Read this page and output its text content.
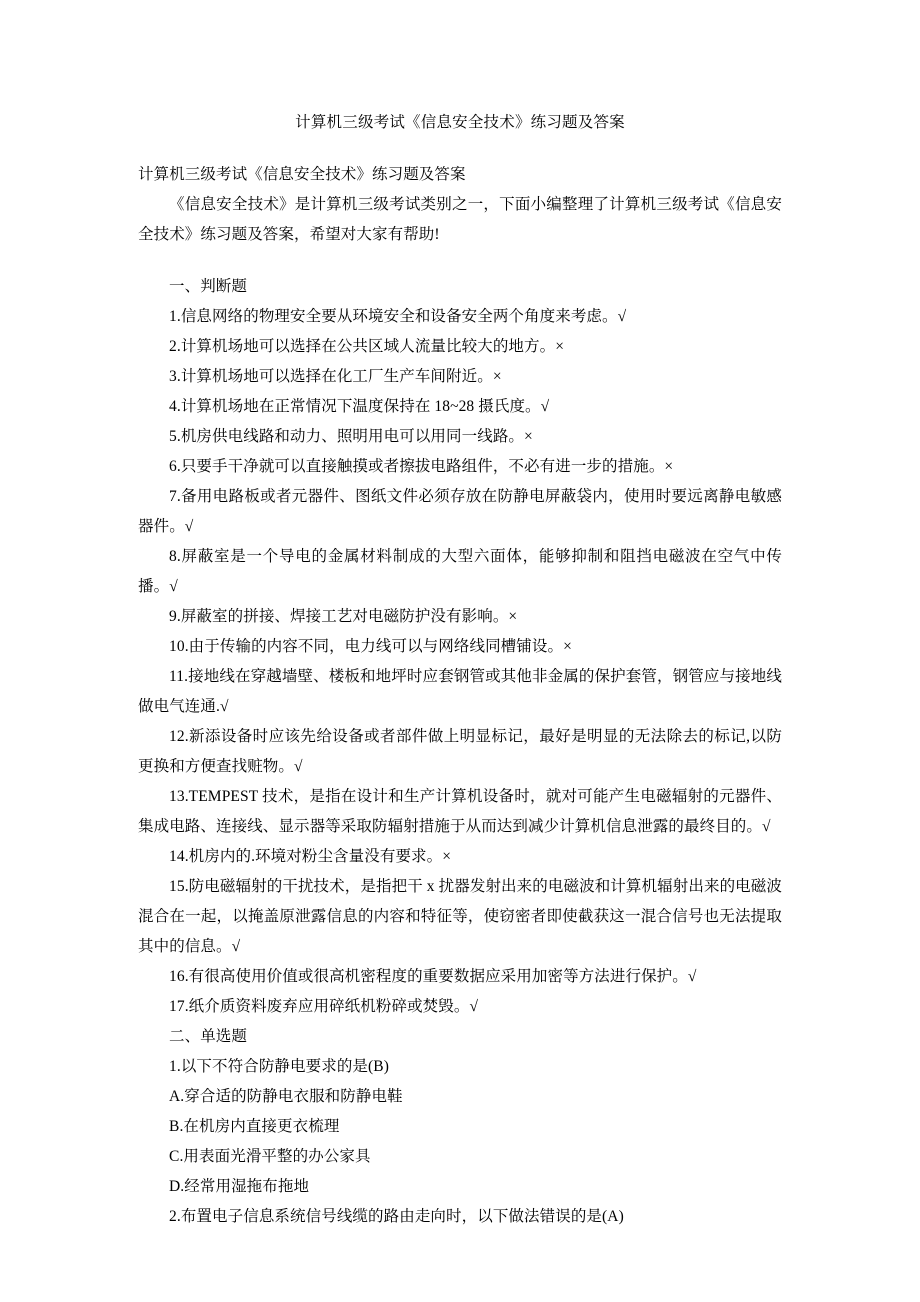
计算机三级考试《信息安全技术》练习题及答案

计算机三级考试《信息安全技术》练习题及答案

《信息安全技术》是计算机三级考试类别之一，下面小编整理了计算机三级考试《信息安全技术》练习题及答案，希望对大家有帮助!

一、判断题

1.信息网络的物理安全要从环境安全和设备安全两个角度来考虑。√

2.计算机场地可以选择在公共区域人流量比较大的地方。×

3.计算机场地可以选择在化工厂生产车间附近。×

4.计算机场地在正常情况下温度保持在 18~28 摄氏度。√

5.机房供电线路和动力、照明用电可以用同一线路。×

6.只要手干净就可以直接触摸或者擦拔电路组件，不必有进一步的措施。×

7.备用电路板或者元器件、图纸文件必须存放在防静电屏蔽袋内，使用时要远离静电敏感器件。√

8.屏蔽室是一个导电的金属材料制成的大型六面体，能够抑制和阻挡电磁波在空气中传播。√

9.屏蔽室的拼接、焊接工艺对电磁防护没有影响。×

10.由于传输的内容不同，电力线可以与网络线同槽铺设。×

11.接地线在穿越墙壁、楼板和地坪时应套钢管或其他非金属的保护套管，钢管应与接地线做电气连通.√

12.新添设备时应该先给设备或者部件做上明显标记，最好是明显的无法除去的标记,以防更换和方便查找赃物。√

13.TEMPEST 技术，是指在设计和生产计算机设备时，就对可能产生电磁辐射的元器件、集成电路、连接线、显示器等采取防辐射措施于从而达到减少计算机信息泄露的最终目的。√

14.机房内的.环境对粉尘含量没有要求。×

15.防电磁辐射的干扰技术，是指把干 x 扰器发射出来的电磁波和计算机辐射出来的电磁波混合在一起，以掩盖原泄露信息的内容和特征等，使窃密者即使截获这一混合信号也无法提取其中的信息。√

16.有很高使用价值或很高机密程度的重要数据应采用加密等方法进行保护。√

17.纸介质资料废弃应用碎纸机粉碎或焚毁。√

二、单选题

1.以下不符合防静电要求的是(B)

A.穿合适的防静电衣服和防静电鞋

B.在机房内直接更衣梳理

C.用表面光滑平整的办公家具

D.经常用湿拖布拖地

2.布置电子信息系统信号线缆的路由走向时，以下做法错误的是(A)
